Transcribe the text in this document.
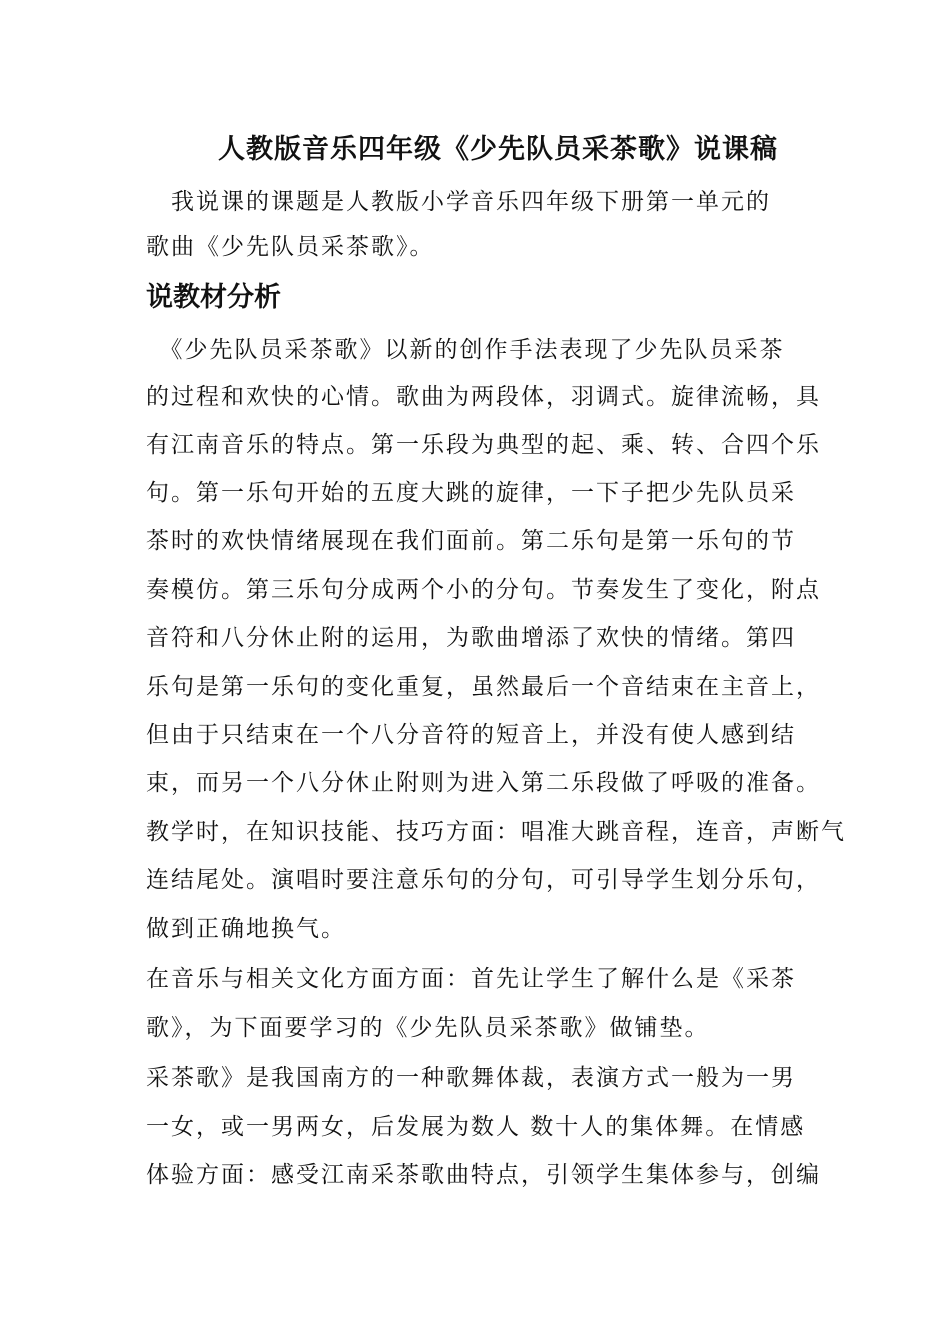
人教版音乐四年级《少先队员采茶歌》说课稿
　我说课的课题是人教版小学音乐四年级下册第一单元的
歌曲《少先队员采茶歌》。
说教材分析
　《少先队员采茶歌》以新的创作手法表现了少先队员采茶
的过程和欢快的心情。歌曲为两段体，羽调式。旋律流畅，具
有江南音乐的特点。第一乐段为典型的起、乘、转、合四个乐
句。第一乐句开始的五度大跳的旋律，一下子把少先队员采
茶时的欢快情绪展现在我们面前。第二乐句是第一乐句的节
奏模仿。第三乐句分成两个小的分句。节奏发生了变化，附点
音符和八分休止附的运用，为歌曲增添了欢快的情绪。第四
乐句是第一乐句的变化重复，虽然最后一个音结束在主音上，
但由于只结束在一个八分音符的短音上，并没有使人感到结
束，而另一个八分休止附则为进入第二乐段做了呼吸的准备。
教学时，在知识技能、技巧方面：唱准大跳音程，连音，声断气
连结尾处。演唱时要注意乐句的分句，可引导学生划分乐句，
做到正确地换气。
在音乐与相关文化方面方面：首先让学生了解什么是《采茶
歌》，为下面要学习的《少先队员采茶歌》做铺垫。
采茶歌》是我国南方的一种歌舞体裁，表演方式一般为一男
一女，或一男两女，后发展为数人 数十人的集体舞。在情感
体验方面：感受江南采茶歌曲特点，引领学生集体参与，创编
